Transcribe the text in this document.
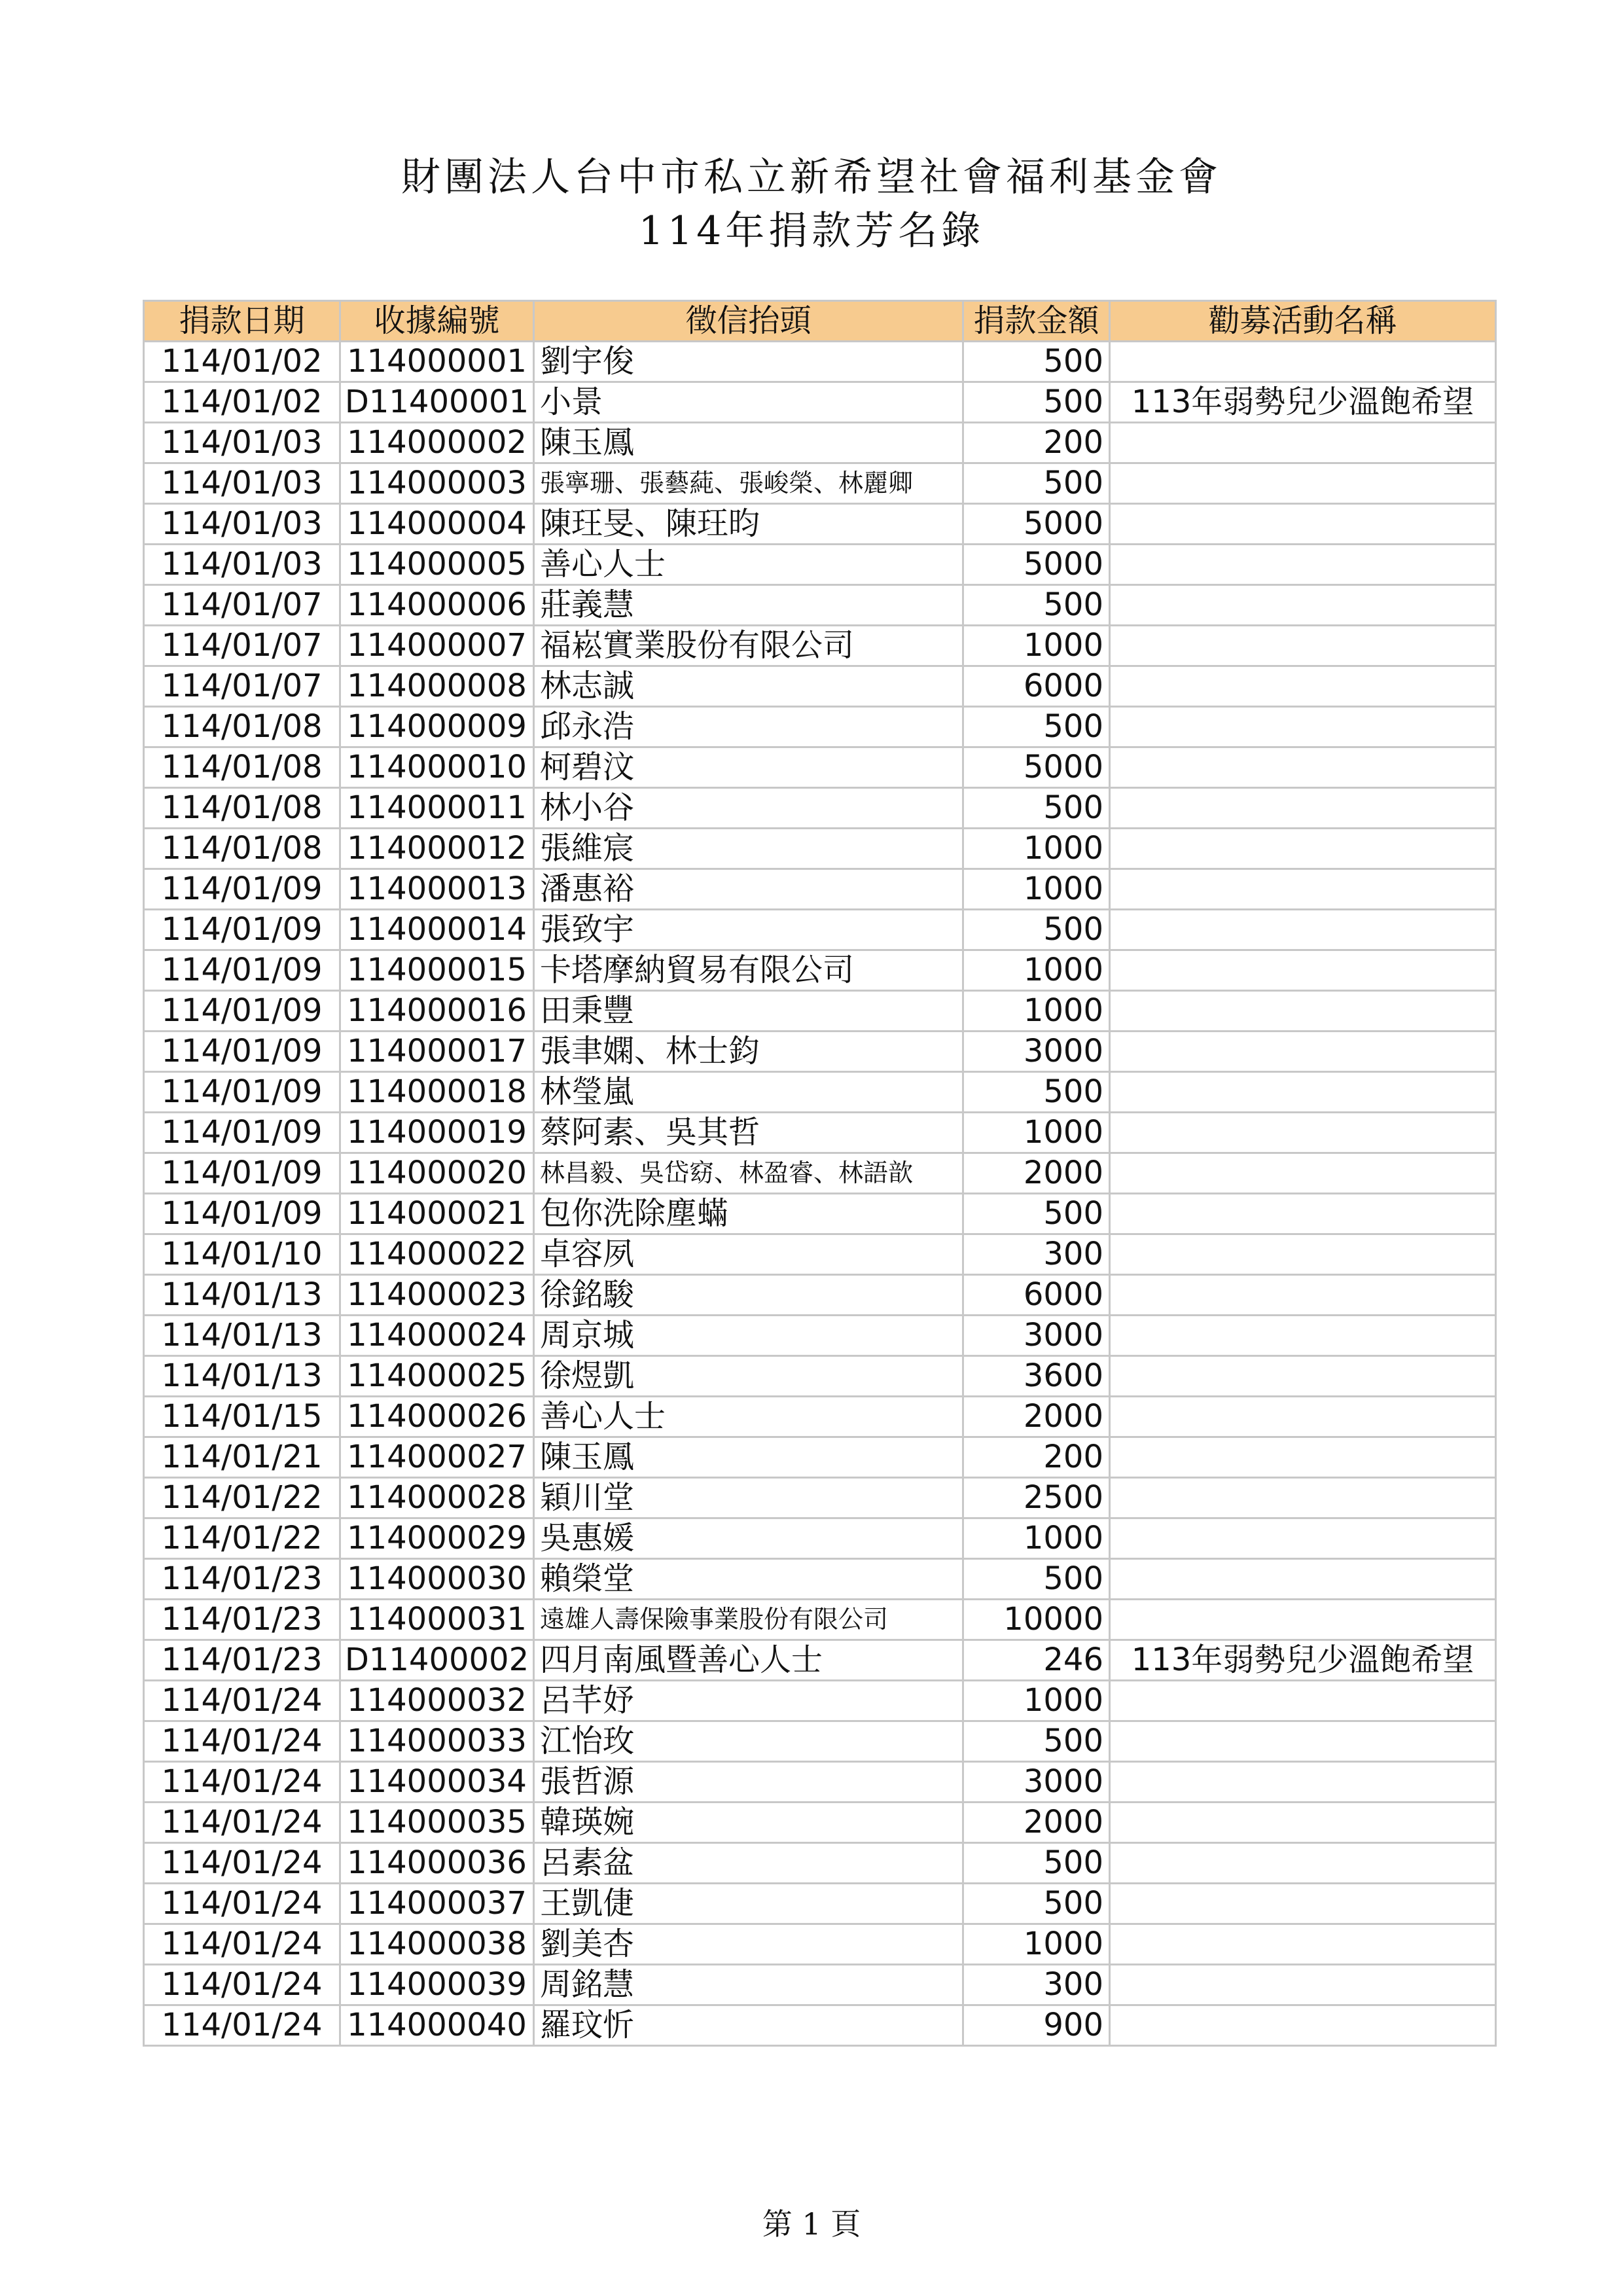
財團法人台中市私立新希望社會福利基金會
114年捐款芳名錄
捐款日期	收據編號	徵信抬頭	捐款金額	勸募活動名稱
114/01/02	114000001	劉宇俊	500	
114/01/02	D11400001	小景	500	113年弱勢兒少溫飽希望
114/01/03	114000002	陳玉鳳	200	
114/01/03	114000003	張寧珊、張藝蒓、張峻榮、林麗卿	500	
114/01/03	114000004	陳玨旻、陳玨昀	5000	
114/01/03	114000005	善心人士	5000	
114/01/07	114000006	莊義慧	500	
114/01/07	114000007	福崧實業股份有限公司	1000	
114/01/07	114000008	林志誠	6000	
114/01/08	114000009	邱永浩	500	
114/01/08	114000010	柯碧汶	5000	
114/01/08	114000011	林小谷	500	
114/01/08	114000012	張維宸	1000	
114/01/09	114000013	潘惠裕	1000	
114/01/09	114000014	張致宇	500	
114/01/09	114000015	卡塔摩納貿易有限公司	1000	
114/01/09	114000016	田秉豐	1000	
114/01/09	114000017	張聿嫻、林士鈞	3000	
114/01/09	114000018	林瑩嵐	500	
114/01/09	114000019	蔡阿素、吳其哲	1000	
114/01/09	114000020	林昌毅、吳岱窈、林盈睿、林語歆	2000	
114/01/09	114000021	包你洗除塵蟎	500	
114/01/10	114000022	卓容夙	300	
114/01/13	114000023	徐銘駿	6000	
114/01/13	114000024	周京城	3000	
114/01/13	114000025	徐煜凱	3600	
114/01/15	114000026	善心人士	2000	
114/01/21	114000027	陳玉鳳	200	
114/01/22	114000028	穎川堂	2500	
114/01/22	114000029	吳惠媛	1000	
114/01/23	114000030	賴榮堂	500	
114/01/23	114000031	遠雄人壽保險事業股份有限公司	10000	
114/01/23	D11400002	四月南風暨善心人士	246	113年弱勢兒少溫飽希望
114/01/24	114000032	呂芊妤	1000	
114/01/24	114000033	江怡玫	500	
114/01/24	114000034	張哲源	3000	
114/01/24	114000035	韓瑛婉	2000	
114/01/24	114000036	呂素盆	500	
114/01/24	114000037	王凱倢	500	
114/01/24	114000038	劉美杏	1000	
114/01/24	114000039	周銘慧	300	
114/01/24	114000040	羅玟忻	900	
第 1 頁
